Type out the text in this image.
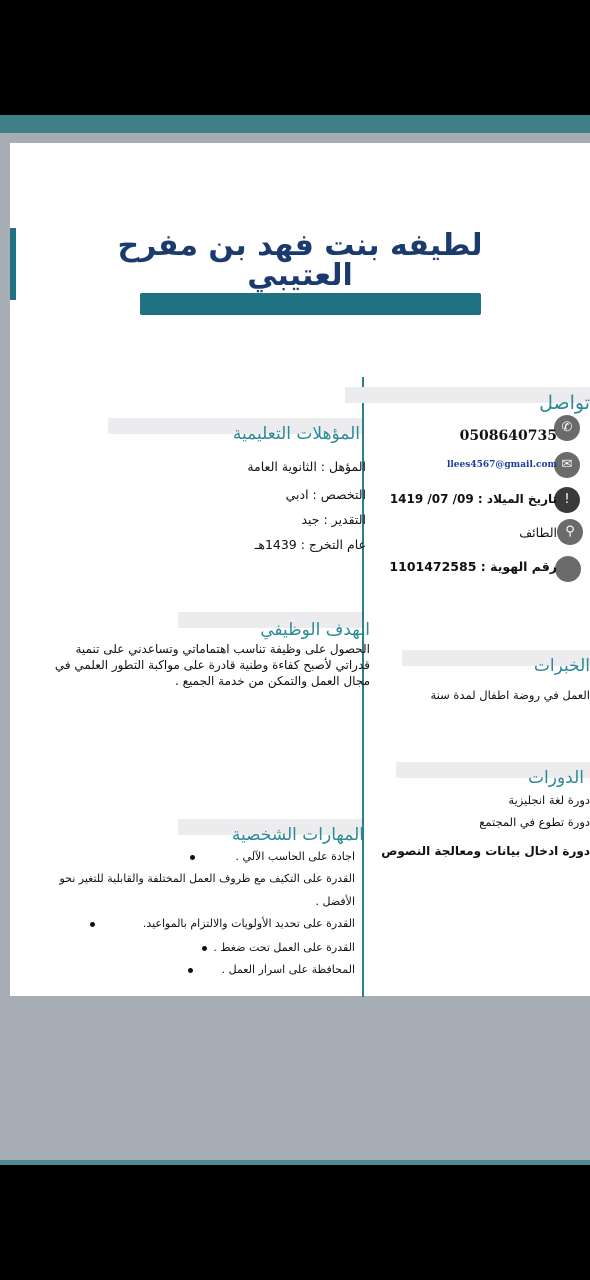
لطيفه بنت فهد بن مفرح
العتيبي
تواصل
✆
0508640735
✉
llees4567@gmail.com
!
تاريخ الميلاد : 09/ 07/ 1419
⚲
الطائف
رقم الهوية : 1101472585
الخبرات
العمل في روضة اطفال لمدة سنة
الدورات
دورة لغة انجليزية
دورة تطوع في المجتمع
دورة ادخال بيانات ومعالجة النصوص
المؤهلات التعليمية
المؤهل : الثانوية العامة
التخصص : ادبي
التقدير : جيد
عام التخرج : 1439هـ
الهدف الوظيفي
الحصول على وظيفة تناسب اهتماماتي وتساعدني على تنمية
قدراتي لأصبح كفاءة وطنية قادرة على مواكبة التطور العلمي في
مجال العمل والتمكن من خدمة الجميع .
المهارات الشخصية
اجادة على الحاسب الآلي .
القدرة على التكيف مع ظروف العمل المختلفة والقابلية للتغير نحو
الأفضل .
القدرة على تحديد الأولويات والالتزام بالمواعيد.
القدرة على العمل تحت ضغط .
المحافظة على اسرار العمل .
